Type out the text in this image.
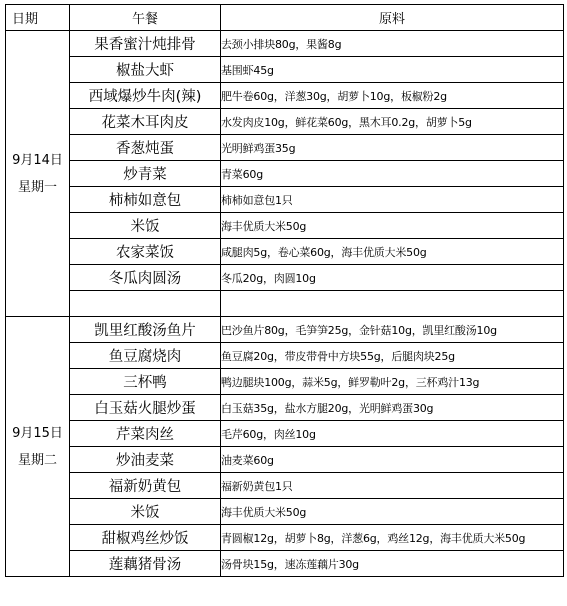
日期	午餐	原料

9月14日
星期一	果香蜜汁炖排骨	去颈小排块80g，果酱8g
	椒盐大虾	基围虾45g
	西域爆炒牛肉(辣)	肥牛卷60g，洋葱30g，胡萝卜10g，板椒粉2g
	花菜木耳肉皮	水发肉皮10g，鲜花菜60g，黑木耳0.2g，胡萝卜5g
	香葱炖蛋	光明鲜鸡蛋35g
	炒青菜	青菜60g
	柿柿如意包	柿柿如意包1只
	米饭	海丰优质大米50g
	农家菜饭	咸腿肉5g，卷心菜60g，海丰优质大米50g
	冬瓜肉圆汤	冬瓜20g，肉圆10g

9月15日
星期二	凯里红酸汤鱼片	巴沙鱼片80g，毛笋笋25g，金针菇10g，凯里红酸汤10g
	鱼豆腐烧肉	鱼豆腐20g，带皮带骨中方块55g，后腿肉块25g
	三杯鸭	鸭边腿块100g，蒜米5g，鲜罗勒叶2g，三杯鸡汁13g
	白玉菇火腿炒蛋	白玉菇35g，盐水方腿20g，光明鲜鸡蛋30g
	芹菜肉丝	毛芹60g，肉丝10g
	炒油麦菜	油麦菜60g
	福新奶黄包	福新奶黄包1只
	米饭	海丰优质大米50g
	甜椒鸡丝炒饭	青圆椒12g，胡萝卜8g，洋葱6g，鸡丝12g，海丰优质大米50g
	莲藕猪骨汤	汤骨块15g，速冻莲藕片30g
